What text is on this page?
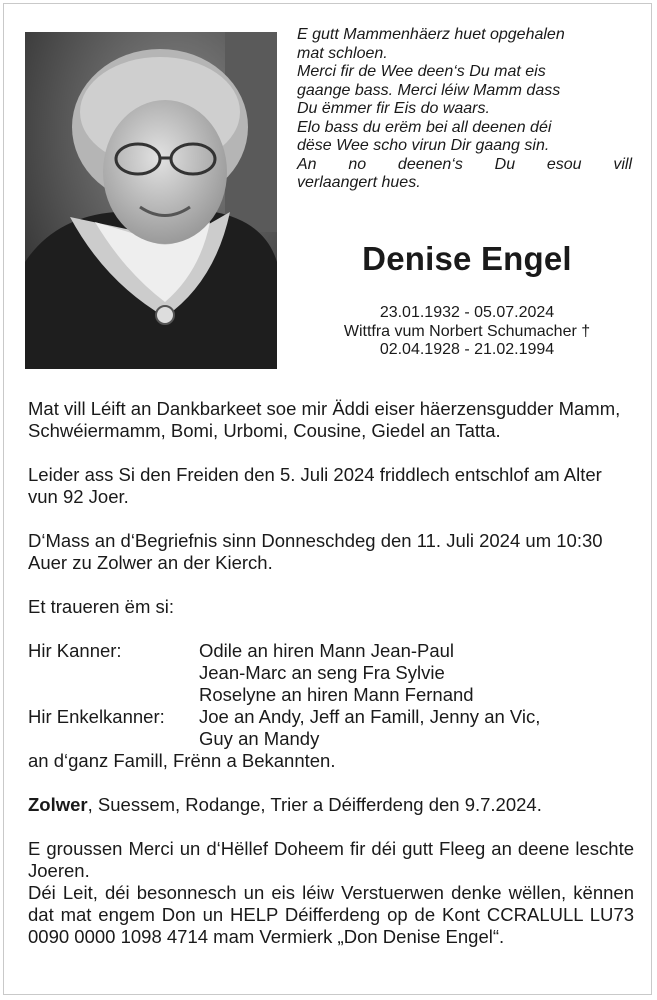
E gutt Mammenhäerz huet opgehalen
mat schloen.
Merci fir de Wee deen‘s Du mat eis
gaange bass. Merci léiw Mamm dass
Du ëmmer fir Eis do waars.
Elo bass du erëm bei all deenen déi
dëse Wee scho virun Dir gaang sin.
An no deenen‘s Du esou vill
verlaangert hues.
Denise Engel
23.01.1932 - 05.07.2024
Wittfra vum Norbert Schumacher †
02.04.1928 - 21.02.1994

Mat vill Léift an Dankbarkeet soe mir Äddi eiser häerzensgudder Mamm, Schwéiermamm, Bomi, Urbomi, Cousine, Giedel an Tatta.

Leider ass Si den Freiden den 5. Juli 2024 friddlech entschlof am Alter vun 92 Joer.

D‘Mass an d‘Begriefnis sinn Donneschdeg den 11. Juli 2024 um 10:30 Auer zu Zolwer an der Kierch.

Et traueren ëm si:

Hir Kanner:	Odile an hiren Mann Jean-Paul
Jean-Marc an seng Fra Sylvie
Roselyne an hiren Mann Fernand
Hir Enkelkanner:	Joe an Andy, Jeff an Famill, Jenny an Vic,
Guy an Mandy

an d‘ganz Famill, Frënn a Bekannten.

Zolwer, Suessem, Rodange, Trier a Déifferdeng den 9.7.2024.

E groussen Merci un d‘Hëllef Doheem fir déi gutt Fleeg an deene leschte Joeren.

Déi Leit, déi besonnesch un eis léiw Verstuerwen denke wëllen, kënnen dat mat engem Don un HELP Déifferdeng op de Kont CCRALULL LU73 0090 0000 1098 4714 mam Vermierk „Don Denise Engel“.
